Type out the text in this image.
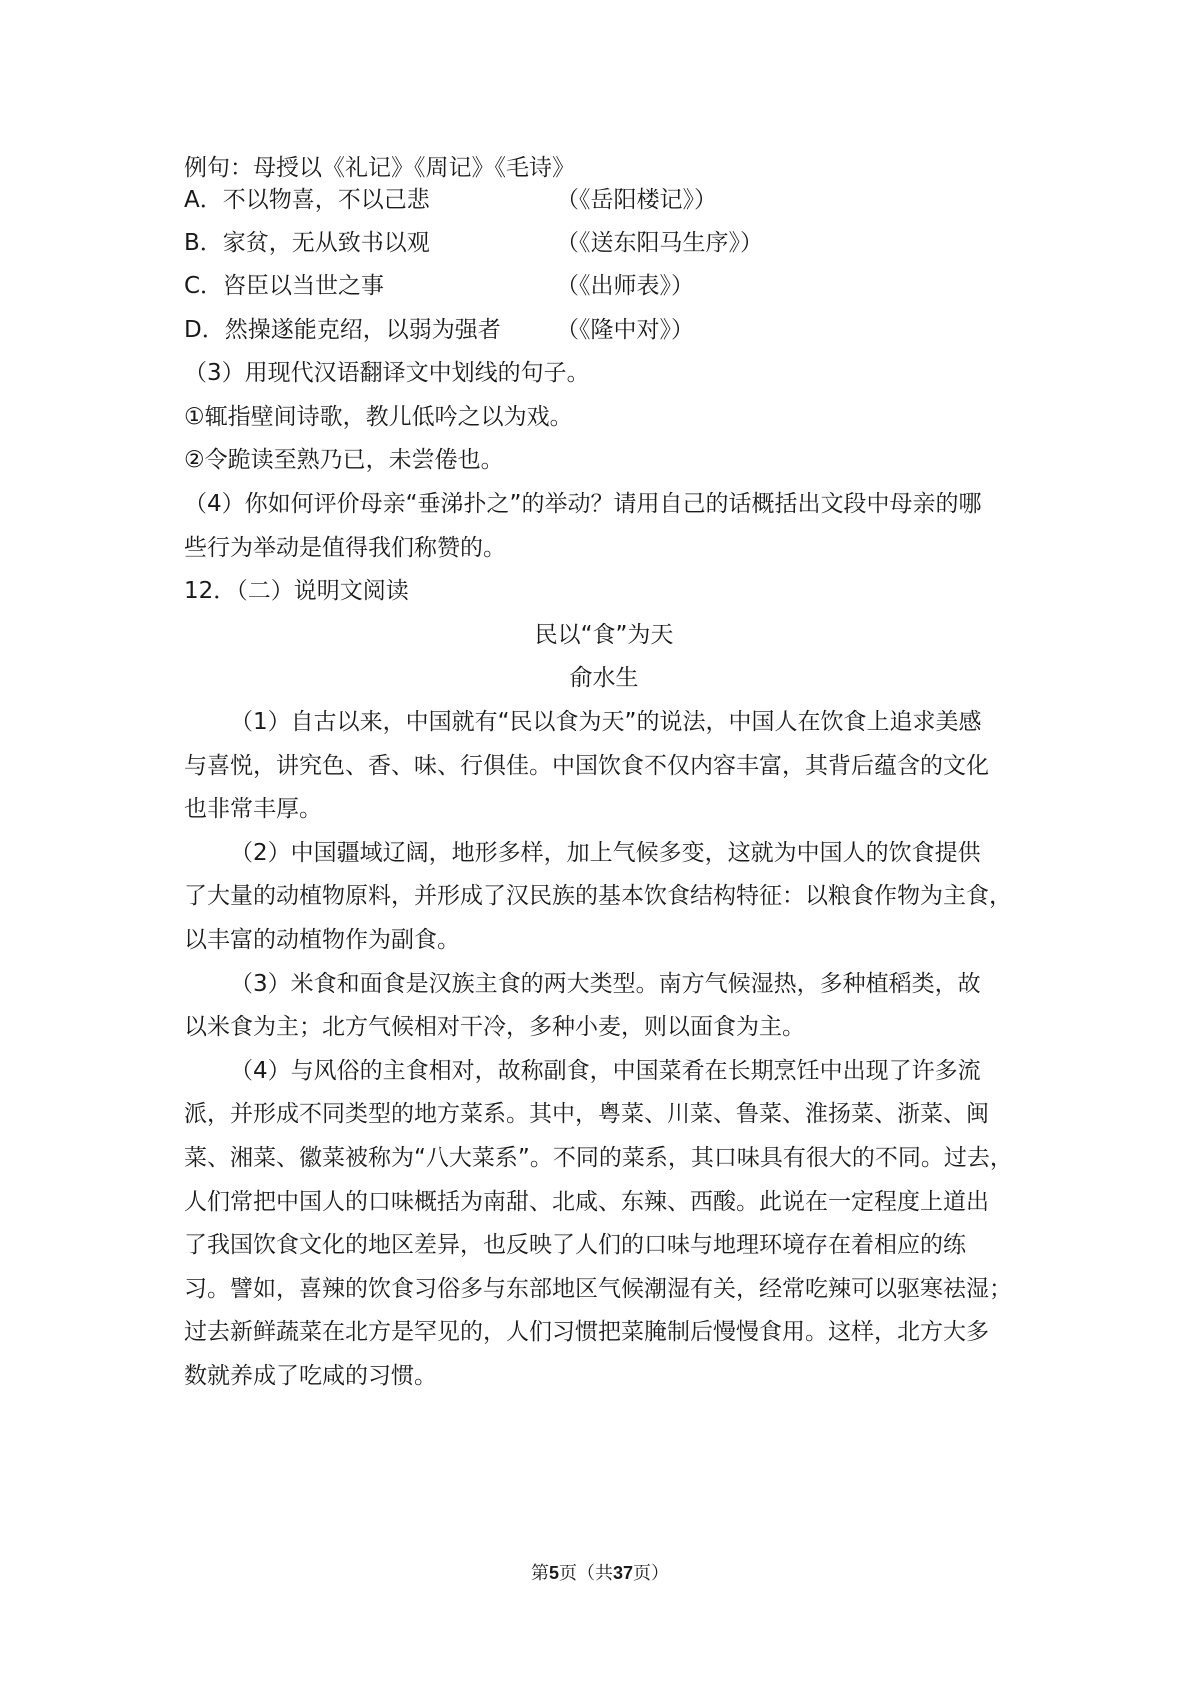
例句：母授以《礼记》《周记》《毛诗》
A．不以物喜，不以己悲	（《岳阳楼记》）
B．家贫，无从致书以观	（《送东阳马生序》）
C．咨臣以当世之事	（《出师表》）
D．然操遂能克绍，以弱为强者 （《隆中对》）
（3）用现代汉语翻译文中划线的句子。
①辄指壁间诗歌，教儿低吟之以为戏。
②令跪读至熟乃已，未尝倦也。
（4）你如何评价母亲“垂涕扑之”的举动？请用自己的话概括出文段中母亲的哪
些行为举动是值得我们称赞的。
12．（二）说明文阅读
民以“食”为天
俞水生
（1）自古以来，中国就有“民以食为天”的说法，中国人在饮食上追求美感
与喜悦，讲究色、香、味、行俱佳。中国饮食不仅内容丰富，其背后蕴含的文化
也非常丰厚。
（2）中国疆域辽阔，地形多样，加上气候多变，这就为中国人的饮食提供
了大量的动植物原料，并形成了汉民族的基本饮食结构特征：以粮食作物为主食，
以丰富的动植物作为副食。
（3）米食和面食是汉族主食的两大类型。南方气候湿热，多种植稻类，故
以米食为主；北方气候相对干冷，多种小麦，则以面食为主。
（4）与风俗的主食相对，故称副食，中国菜肴在长期烹饪中出现了许多流
派，并形成不同类型的地方菜系。其中，粤菜、川菜、鲁菜、淮扬菜、浙菜、闽
菜、湘菜、徽菜被称为“八大菜系”。不同的菜系，其口味具有很大的不同。过去，
人们常把中国人的口味概括为南甜、北咸、东辣、西酸。此说在一定程度上道出
了我国饮食文化的地区差异，也反映了人们的口味与地理环境存在着相应的练
习。譬如，喜辣的饮食习俗多与东部地区气候潮湿有关，经常吃辣可以驱寒祛湿；
过去新鲜蔬菜在北方是罕见的，人们习惯把菜腌制后慢慢食用。这样，北方大多
数就养成了吃咸的习惯。
第5页（共37页）
